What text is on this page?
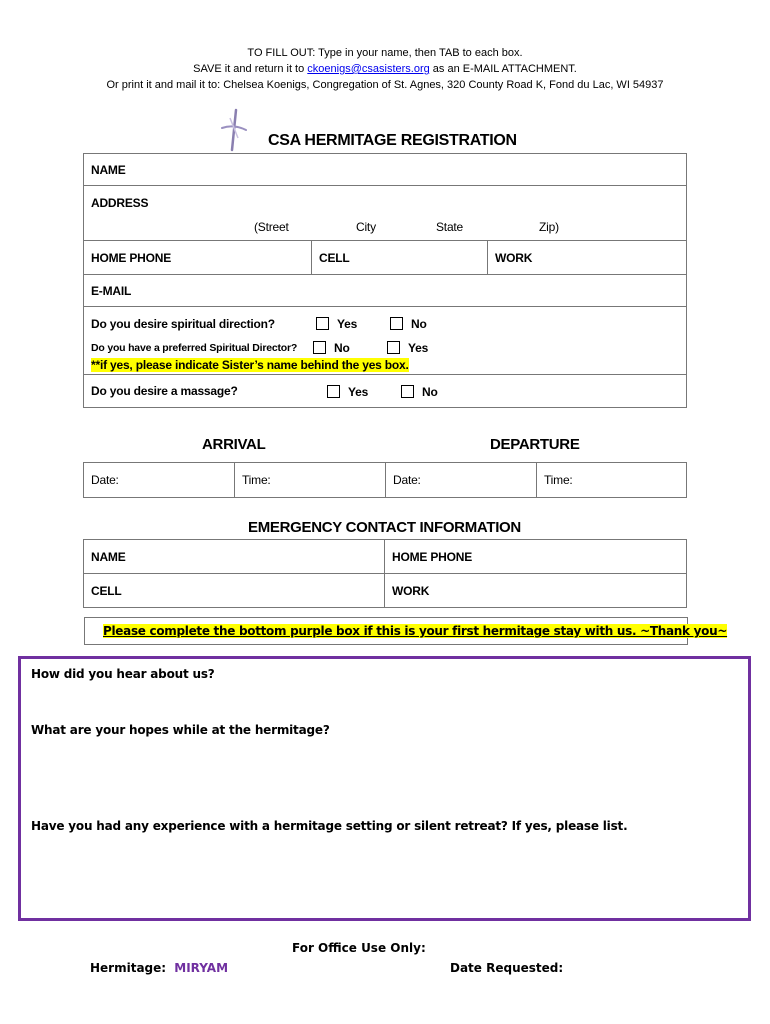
TO FILL OUT: Type in your name, then TAB to each box.
SAVE it and return it to ckoenigs@csasisters.org as an E-MAIL ATTACHMENT.
Or print it and mail it to: Chelsea Koenigs, Congregation of St. Agnes, 320 County Road K, Fond du Lac, WI 54937
CSA HERMITAGE REGISTRATION
NAME

ADDRESS
(Street	City	State	Zip)

HOME PHONE	CELL	WORK
E-MAIL

Do you desire spiritual direction?	Yes	No
Do you have a preferred Spiritual Director?	No	Yes
**if yes, please indicate Sister’s name behind the yes box.

Do you desire a massage?	Yes	No
ARRIVAL	DEPARTURE
Date:	Time:	Date:	Time:
EMERGENCY CONTACT INFORMATION
NAME	HOME PHONE
CELL	WORK
Please complete the bottom purple box if this is your first hermitage stay with us. ~Thank you~
How did you hear about us?
What are your hopes while at the hermitage?
Have you had any experience with a hermitage setting or silent retreat? If yes, please list.
For Office Use Only:
Hermitage: MIRYAM	Date Requested:
